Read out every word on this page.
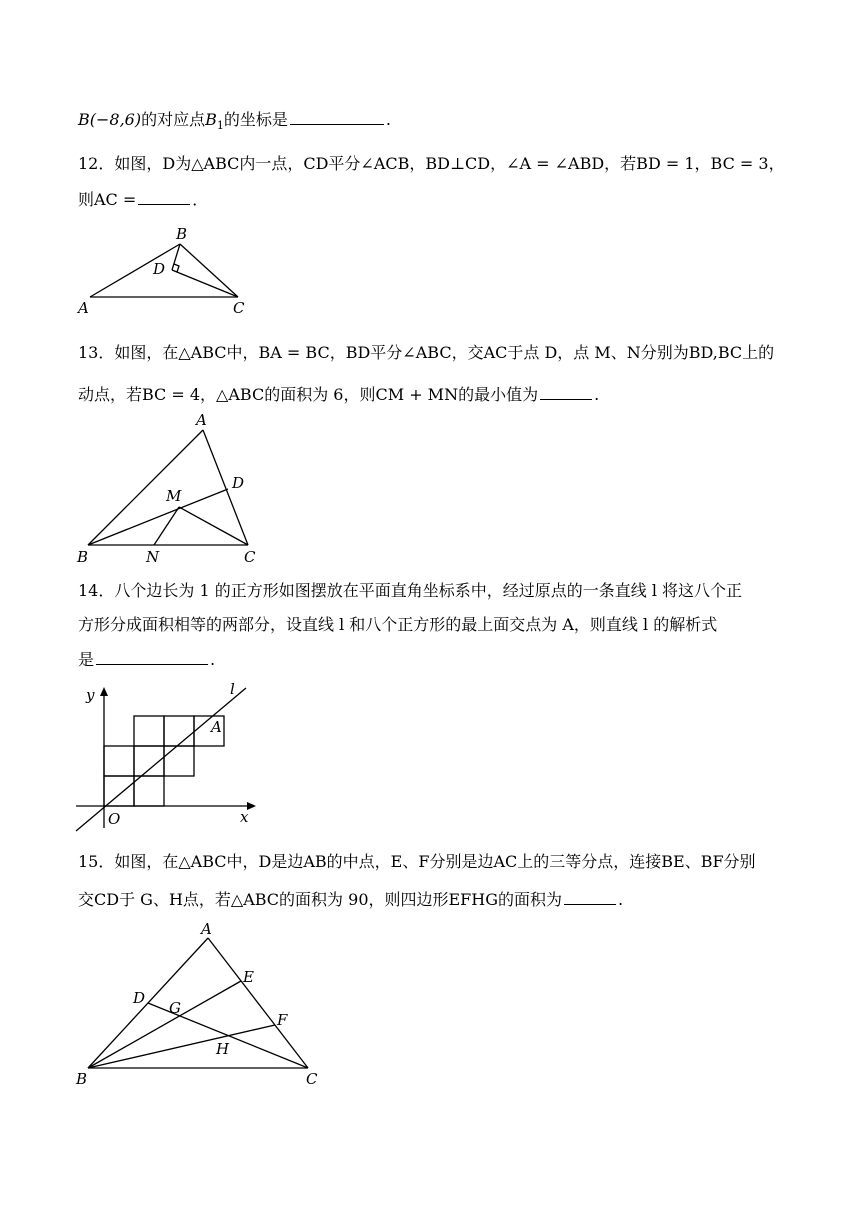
B(−8,6)的对应点$B_1$的坐标是	.
12．如图，D为△ABC内一点，CD平分∠ACB，BD⊥CD，∠A = ∠ABD，若BD = 1，BC = 3，
则AC =	．
A
B
C
D
13．如图，在△ABC中，BA = BC，BD平分∠ABC，交AC于点 D，点 M、N分别为BD,BC上的
动点，若BC = 4，△ABC的面积为 6，则CM + MN的最小值为	.
A
B	C
D
M
N
14．八个边长为 1 的正方形如图摆放在平面直角坐标系中，经过原点的一条直线 l 将这八个正
方形分成面积相等的两部分，设直线 l 和八个正方形的最上面交点为 A，则直线 l 的解析式
是	.
y
x
O
l
A
15．如图，在△ABC中，D是边AB的中点，E、F分别是边AC上的三等分点，连接BE、BF分别
交CD于 G、H点，若△ABC的面积为 90，则四边形EFHG的面积为	.
A
B	C
D
E
F
G
H
